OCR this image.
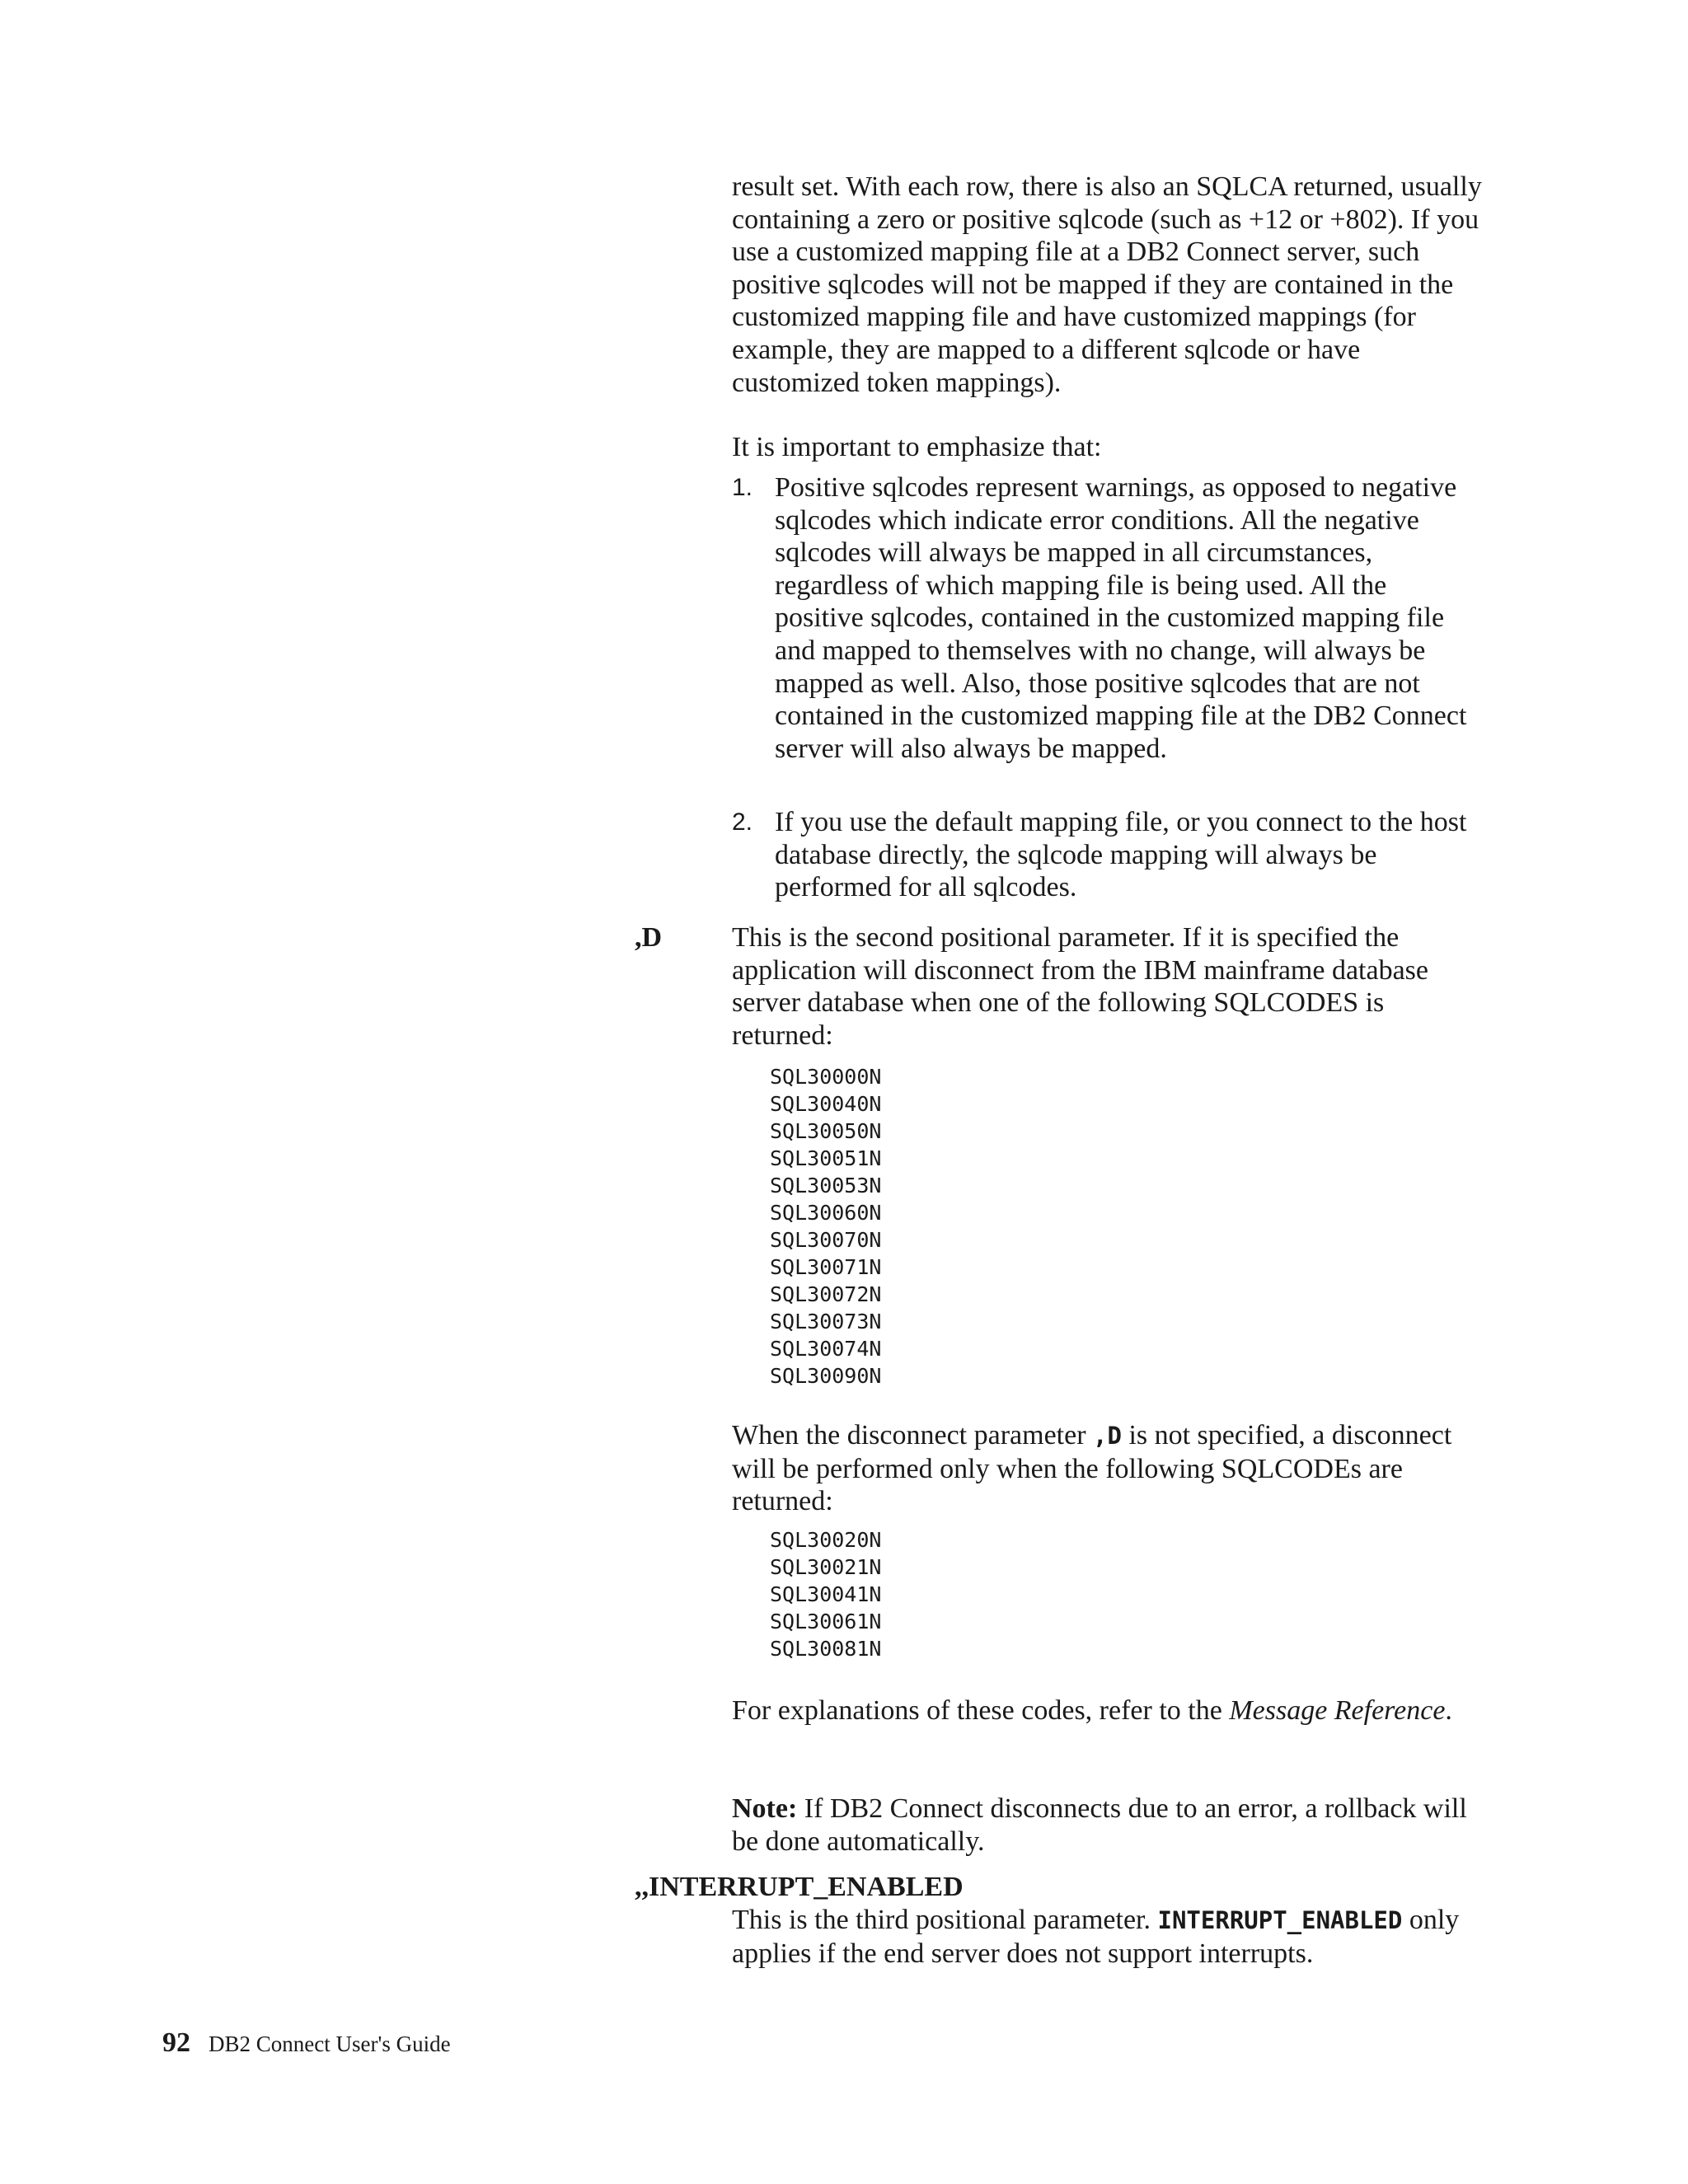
result set. With each row, there is also an SQLCA returned, usually containing a zero or positive sqlcode (such as +12 or +802). If you use a customized mapping file at a DB2 Connect server, such positive sqlcodes will not be mapped if they are contained in the customized mapping file and have customized mappings (for example, they are mapped to a different sqlcode or have customized token mappings).

It is important to emphasize that:

1. Positive sqlcodes represent warnings, as opposed to negative sqlcodes which indicate error conditions. All the negative sqlcodes will always be mapped in all circumstances, regardless of which mapping file is being used. All the positive sqlcodes, contained in the customized mapping file and mapped to themselves with no change, will always be mapped as well. Also, those positive sqlcodes that are not contained in the customized mapping file at the DB2 Connect server will also always be mapped.
2. If you use the default mapping file, or you connect to the host database directly, the sqlcode mapping will always be performed for all sqlcodes.
,D This is the second positional parameter. If it is specified the application will disconnect from the IBM mainframe database server database when one of the following SQLCODES is returned:

SQL30000N
SQL30040N
SQL30050N
SQL30051N
SQL30053N
SQL30060N
SQL30070N
SQL30071N
SQL30072N
SQL30073N
SQL30074N
SQL30090N

When the disconnect parameter ,D is not specified, a disconnect will be performed only when the following SQLCODEs are returned:

SQL30020N
SQL30021N
SQL30041N
SQL30061N
SQL30081N

For explanations of these codes, refer to the Message Reference.

Note: If DB2 Connect disconnects due to an error, a rollback will be done automatically.

,,INTERRUPT_ENABLED

This is the third positional parameter. INTERRUPT_ENABLED only applies if the end server does not support interrupts.

92 DB2 Connect User's Guide
